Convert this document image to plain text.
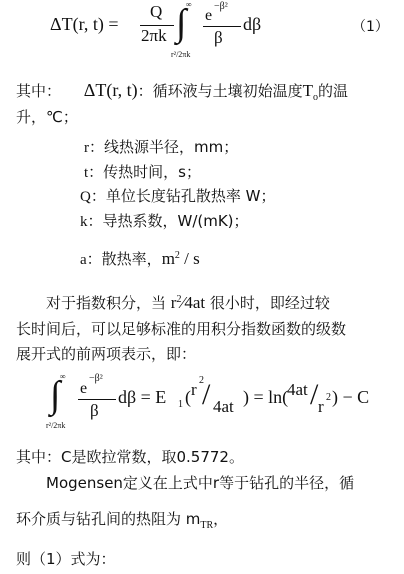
ΔT(r, t) =
Q
2πk
∞
∫
r²/2πk
e
−β²
β
dβ	（1）
其中： ΔT(r, t)：循环液与土壤初始温度$T_o$的温
升，℃；
r：线热源半径，mm；
t：传热时间，s；
Q：单位长度钻孔散热率 W；
k：导热系数，W/(mK)；
a：散热率，$m^2$ / s
对于指数积分，当 $r^2⁄4at$ 很小时，即经过较
长时间后，可以足够标准的用积分指数函数的级数
展开式的前两项表示，即：
∞
∫
r²/2πk
e
−β²
β
dβ = E 1 ( r 2
/ 4at ) = ln(
4at / r 2 ) − C
其中：C是欧拉常数，取0.5772。
Mogensen定义在上式中r等于钻孔的半径，循
环介质与钻孔间的热阻为 $m_{TR}$，
则（1）式为：
